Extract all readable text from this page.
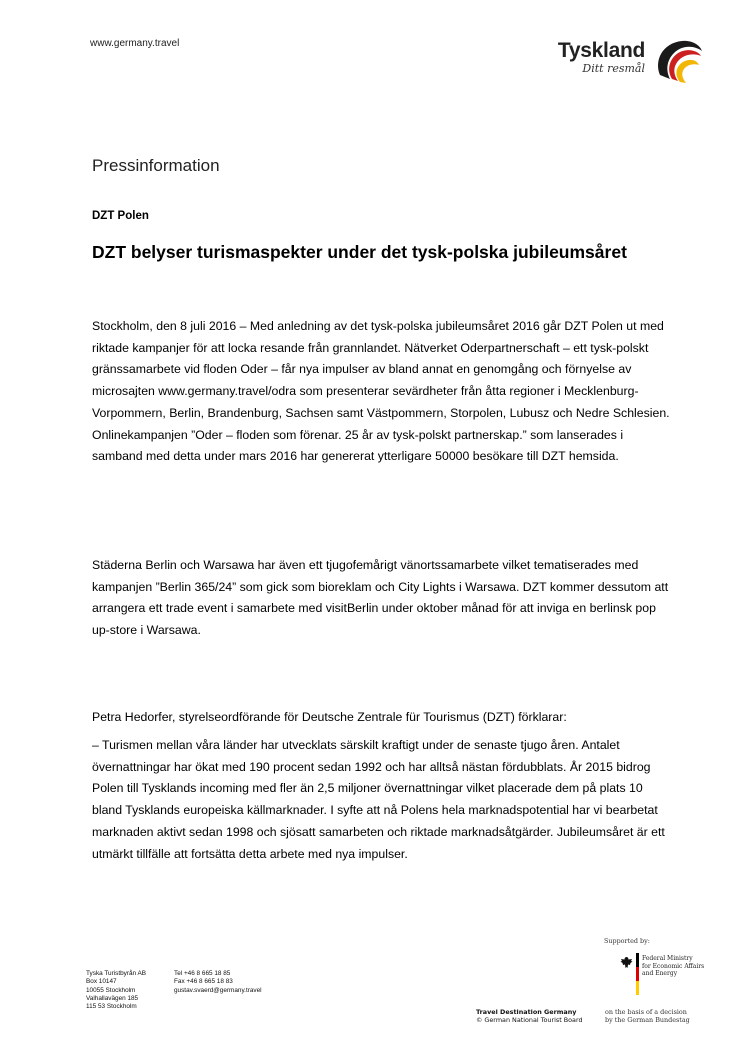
www.germany.travel	Tyskland
Ditt resmål
Pressinformation
DZT Polen
DZT belyser turismaspekter under det tysk-polska jubileumsåret
Stockholm, den 8 juli 2016 – Med anledning av det tysk-polska jubileumsåret 2016 går DZT Polen ut med riktade kampanjer för att locka resande från grannlandet. Nätverket Oderpartnerschaft – ett tysk-polskt gränssamarbete vid floden Oder – får nya impulser av bland annat en genomgång och förnyelse av microsajten www.germany.travel/odra som presenterar sevärdheter från åtta regioner i Mecklenburg-Vorpommern, Berlin, Brandenburg, Sachsen samt Västpommern, Storpolen, Lubusz och Nedre Schlesien. Onlinekampanjen ”Oder – floden som förenar. 25 år av tysk-polskt partnerskap.” som lanserades i samband med detta under mars 2016 har genererat ytterligare 50000 besökare till DZT hemsida.
Städerna Berlin och Warsawa har även ett tjugofemårigt vänortssamarbete vilket tematiserades med kampanjen ”Berlin 365/24” som gick som bioreklam och City Lights i Warsawa. DZT kommer dessutom att arrangera ett trade event i samarbete med visitBerlin under oktober månad för att inviga en berlinsk pop up-store i Warsawa.
Petra Hedorfer, styrelseordförande för Deutsche Zentrale für Tourismus (DZT) förklarar:
– Turismen mellan våra länder har utvecklats särskilt kraftigt under de senaste tjugo åren. Antalet övernattningar har ökat med 190 procent sedan 1992 och har alltså nästan fördubblats. År 2015 bidrog Polen till Tysklands incoming med fler än 2,5 miljoner övernattningar vilket placerade dem på plats 10 bland Tysklands europeiska källmarknader. I syfte att nå Polens hela marknadspotential har vi bearbetat marknaden aktivt sedan 1998 och sjösatt samarbeten och riktade marknadsåtgärder. Jubileumsåret är ett utmärkt tillfälle att fortsätta detta arbete med nya impulser.
Tyska Turistbyrån AB
Box 10147
10055 Stockholm
Valhallavägen 185
115 53 Stockholm
Tel +46 8 665 18 85
Fax +46 8 665 18 83
gustav.svaerd@germany.travel
Travel Destination Germany
© German National Tourist Board
Supported by:
Federal Ministry
for Economic Affairs
and Energy
on the basis of a decision
by the German Bundestag
